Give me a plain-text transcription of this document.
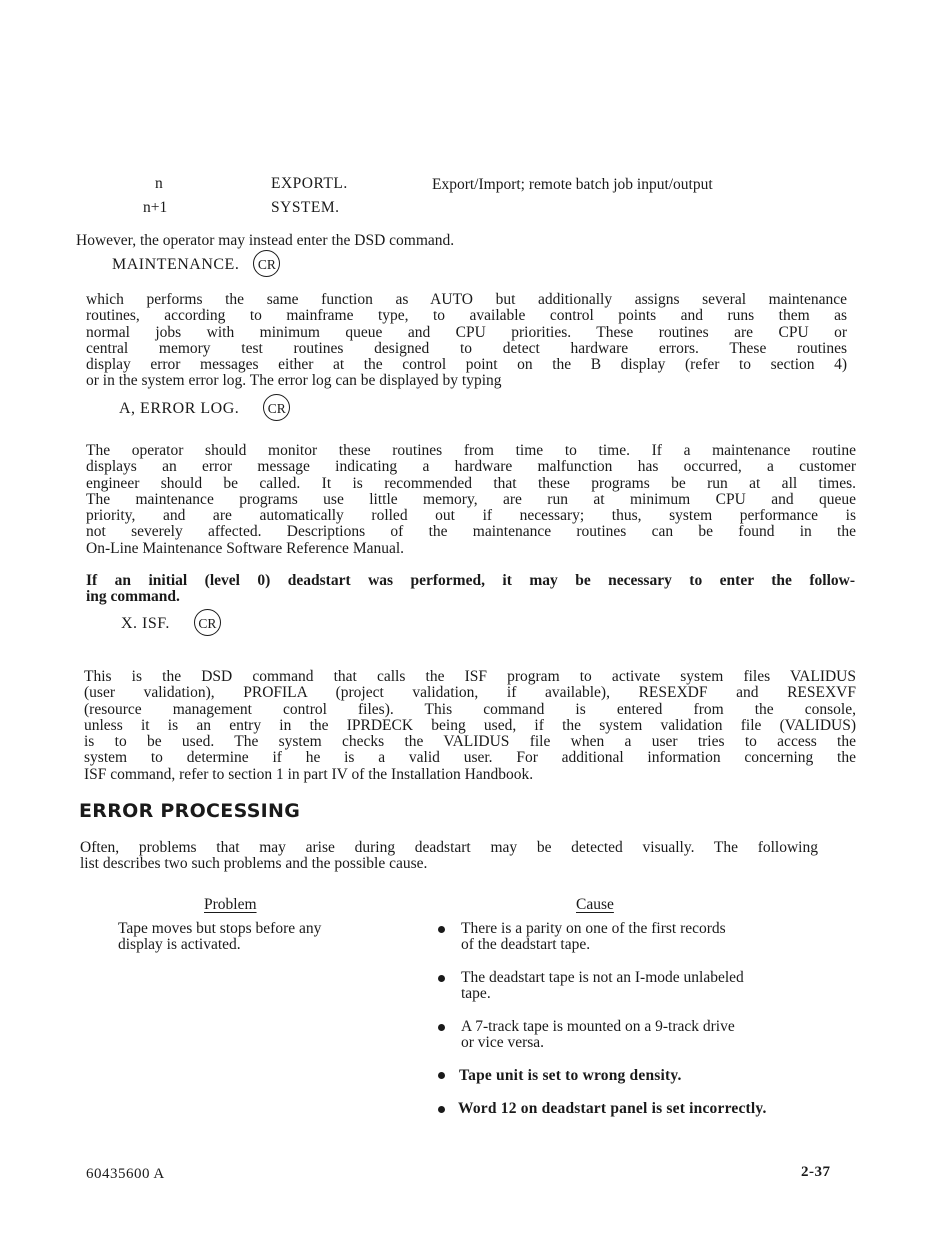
n	EXPORTL.	Export/Import; remote batch job input/output
n+1	SYSTEM.
However, the operator may instead enter the DSD command.
MAINTENANCE. CR
which performs the same function as AUTO but additionally assigns several maintenance
routines, according to mainframe type, to available control points and runs them as
normal jobs with minimum queue and CPU priorities. These routines are CPU or
central memory test routines designed to detect hardware errors. These routines
display error messages either at the control point on the B display (refer to section 4)
or in the system error log. The error log can be displayed by typing
A, ERROR LOG. CR
The operator should monitor these routines from time to time. If a maintenance routine
displays an error message indicating a hardware malfunction has occurred, a customer
engineer should be called. It is recommended that these programs be run at all times.
The maintenance programs use little memory, are run at minimum CPU and queue
priority, and are automatically rolled out if necessary; thus, system performance is
not severely affected. Descriptions of the maintenance routines can be found in the
On-Line Maintenance Software Reference Manual.
If an initial (level 0) deadstart was performed, it may be necessary to enter the follow-
ing command.
X. ISF. CR
This is the DSD command that calls the ISF program to activate system files VALIDUS
(user validation), PROFILA (project validation, if available), RESEXDF and RESEXVF
(resource management control files). This command is entered from the console,
unless it is an entry in the IPRDECK being used, if the system validation file (VALIDUS)
is to be used. The system checks the VALIDUS file when a user tries to access the
system to determine if he is a valid user. For additional information concerning the
ISF command, refer to section 1 in part IV of the Installation Handbook.
ERROR PROCESSING
Often, problems that may arise during deadstart may be detected visually. The following
list describes two such problems and the possible cause.
Problem	Cause
Tape moves but stops before any
display is activated.
There is a parity on one of the first records
of the deadstart tape.
The deadstart tape is not an I-mode unlabeled
tape.
A 7-track tape is mounted on a 9-track drive
or vice versa.
Tape unit is set to wrong density.
Word 12 on deadstart panel is set incorrectly.
60435600 A	2-37
